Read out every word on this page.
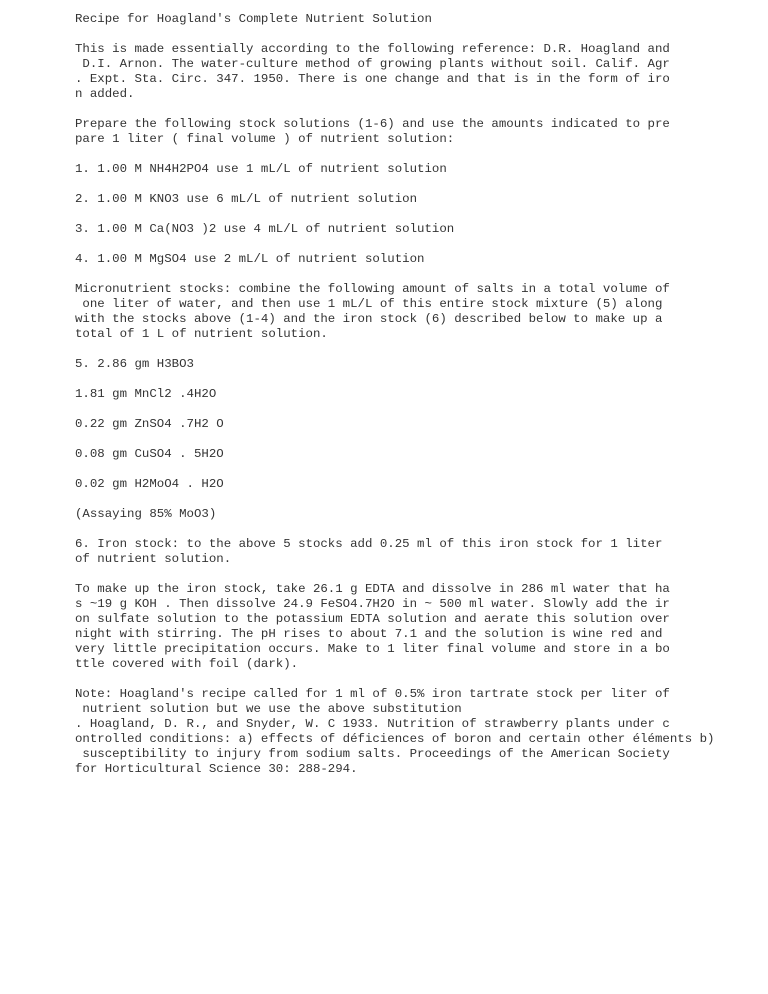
Recipe for Hoagland's Complete Nutrient Solution
This is made essentially according to the following reference: D.R. Hoagland and
D.I. Arnon. The water-culture method of growing plants without soil. Calif. Agr
. Expt. Sta. Circ. 347. 1950. There is one change and that is in the form of iro
n added.
Prepare the following stock solutions (1-6) and use the amounts indicated to pre
pare 1 liter ( final volume ) of nutrient solution:
1. 1.00 M NH4H2PO4 use 1 mL/L of nutrient solution
2. 1.00 M KNO3 use 6 mL/L of nutrient solution
3. 1.00 M Ca(NO3 )2 use 4 mL/L of nutrient solution
4. 1.00 M MgSO4 use 2 mL/L of nutrient solution
Micronutrient stocks: combine the following amount of salts in a total volume of
one liter of water, and then use 1 mL/L of this entire stock mixture (5) along
with the stocks above (1-4) and the iron stock (6) described below to make up a
total of 1 L of nutrient solution.
5. 2.86 gm H3BO3
1.81 gm MnCl2 .4H2O
0.22 gm ZnSO4 .7H2 O
0.08 gm CuSO4 . 5H2O
0.02 gm H2MoO4 . H2O
(Assaying 85% MoO3)
6. Iron stock: to the above 5 stocks add 0.25 ml of this iron stock for 1 liter
of nutrient solution.
To make up the iron stock, take 26.1 g EDTA and dissolve in 286 ml water that ha
s ~19 g KOH . Then dissolve 24.9 FeSO4.7H2O in ~ 500 ml water. Slowly add the ir
on sulfate solution to the potassium EDTA solution and aerate this solution over
night with stirring. The pH rises to about 7.1 and the solution is wine red and
very little precipitation occurs. Make to 1 liter final volume and store in a bo
ttle covered with foil (dark).
Note: Hoagland's recipe called for 1 ml of 0.5% iron tartrate stock per liter of
nutrient solution but we use the above substitution
. Hoagland, D. R., and Snyder, W. C 1933. Nutrition of strawberry plants under c
ontrolled conditions: a) effects of déficiences of boron and certain other éléments b)
susceptibility to injury from sodium salts. Proceedings of the American Society
for Horticultural Science 30: 288-294.
